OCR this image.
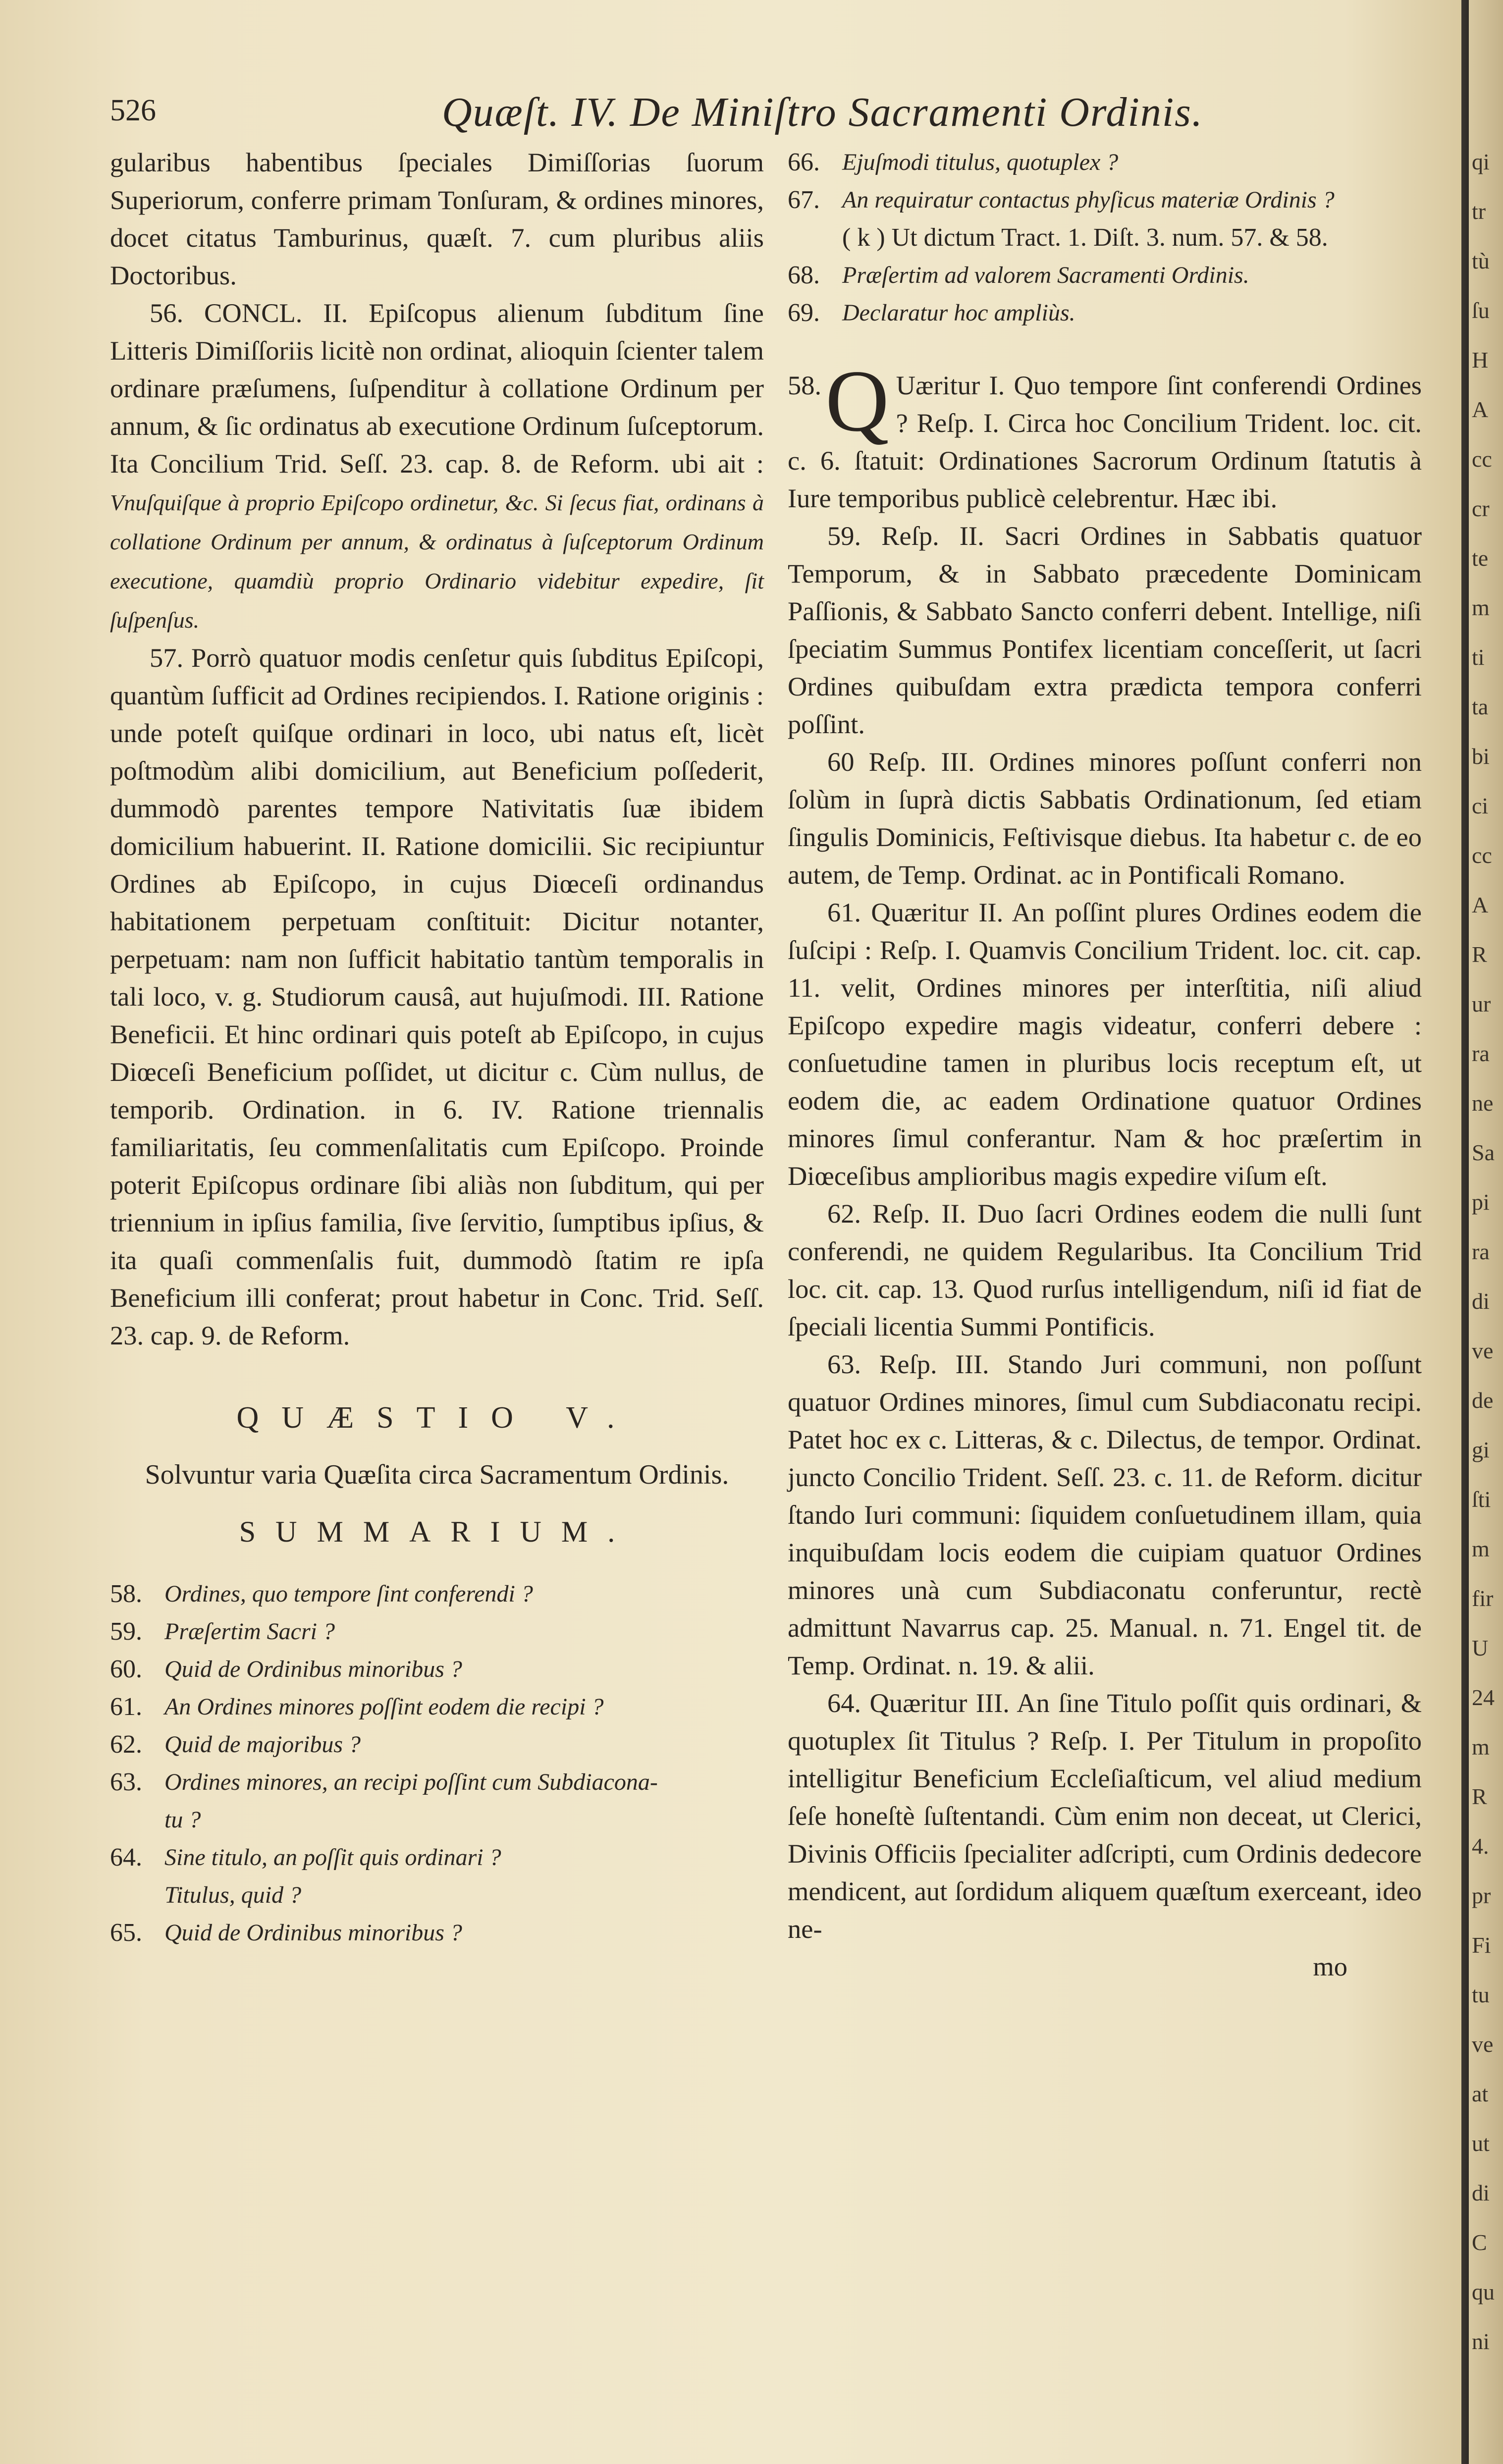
526	Quæſt. IV. De Miniſtro Sacramenti Ordinis.

gularibus habentibus ſpeciales Dimiſſorias ſuorum Superiorum, conferre primam Tonſuram, & ordines minores, docet citatus Tamburinus, quæſt. 7. cum pluribus aliis Doctoribus.

56. CONCL. II. Epiſcopus alienum ſubditum ſine Litteris Dimiſſoriis licitè non ordinat, alioquin ſcienter talem ordinare præſumens, ſuſpenditur à collatione Ordinum per annum, & ſic ordinatus ab executione Ordinum ſuſceptorum. Ita Concilium Trid. Seſſ. 23. cap. 8. de Reform. ubi ait : Vnuſquiſque à proprio Epiſcopo ordinetur, &c. Si ſecus fiat, ordinans à collatione Ordinum per annum, & ordinatus à ſuſceptorum Ordinum executione, quamdiù proprio Ordinario videbitur expedire, ſit ſuſpenſus.

57. Porrò quatuor modis cenſetur quis ſubditus Epiſcopi, quantùm ſufficit ad Ordines recipiendos. I. Ratione originis : unde poteſt quiſque ordinari in loco, ubi natus eſt, licèt poſtmodùm alibi domicilium, aut Beneficium poſſederit, dummodò parentes tempore Nativitatis ſuæ ibidem domicilium habuerint. II. Ratione domicilii. Sic recipiuntur Ordines ab Epiſcopo, in cujus Diœceſi ordinandus habitationem perpetuam conſtituit: Dicitur notanter, perpetuam: nam non ſufficit habitatio tantùm temporalis in tali loco, v. g. Studiorum causâ, aut hujuſmodi. III. Ratione Beneficii. Et hinc ordinari quis poteſt ab Epiſcopo, in cujus Diœceſi Beneficium poſſidet, ut dicitur c. Cùm nullus, de temporib. Ordination. in 6. IV. Ratione triennalis familiaritatis, ſeu commenſalitatis cum Epiſcopo. Proinde poterit Epiſcopus ordinare ſibi aliàs non ſubditum, qui per triennium in ipſius familia, ſive ſervitio, ſumptibus ipſius, & ita quaſi commenſalis fuit, dummodò ſtatim re ipſa Beneficium illi conferat; prout habetur in Conc. Trid. Seſſ. 23. cap. 9. de Reform.

QUÆSTIO V.
Solvuntur varia Quæſita circa Sacramentum Ordinis.
SUMMARIUM.
58. Ordines, quo tempore ſint conferendi ?
59. Præſertim Sacri ?
60. Quid de Ordinibus minoribus ?
61. An Ordines minores poſſint eodem die recipi ?
62. Quid de majoribus ?
63. Ordines minores, an recipi poſſint cum Subdiacona-
tu ?
64. Sine titulo, an poſſit quis ordinari ?
Titulus, quid ?
65. Quid de Ordinibus minoribus ?
66. Ejuſmodi titulus, quotuplex ?
67. An requiratur contactus phyſicus materiæ Ordinis ?
( k ) Ut dictum Tract. 1. Diſt. 3. num. 57. & 58.
68. Præſertim ad valorem Sacramenti Ordinis.
69. Declaratur hoc ampliùs.

58. Q Uæritur I. Quo tempore ſint conferendi Ordines ? Reſp. I. Circa hoc Concilium Trident. loc. cit. c. 6. ſtatuit: Ordinationes Sacrorum Ordinum ſtatutis à Iure temporibus publicè celebrentur. Hæc ibi.

59. Reſp. II. Sacri Ordines in Sabbatis quatuor Temporum, & in Sabbato præcedente Dominicam Paſſionis, & Sabbato Sancto conferri debent. Intellige, niſi ſpeciatim Summus Pontifex licentiam conceſſerit, ut ſacri Ordines quibuſdam extra prædicta tempora conferri poſſint.

60 Reſp. III. Ordines minores poſſunt conferri non ſolùm in ſuprà dictis Sabbatis Ordinationum, ſed etiam ſingulis Dominicis, Feſtivisque diebus. Ita habetur c. de eo autem, de Temp. Ordinat. ac in Pontificali Romano.

61. Quæritur II. An poſſint plures Ordines eodem die ſuſcipi : Reſp. I. Quamvis Concilium Trident. loc. cit. cap. 11. velit, Ordines minores per interſtitia, niſi aliud Epiſcopo expedire magis videatur, conferri debere : conſuetudine tamen in pluribus locis receptum eſt, ut eodem die, ac eadem Ordinatione quatuor Ordines minores ſimul conferantur. Nam & hoc præſertim in Diœceſibus amplioribus magis expedire viſum eſt.

62. Reſp. II. Duo ſacri Ordines eodem die nulli ſunt conferendi, ne quidem Regularibus. Ita Concilium Trid loc. cit. cap. 13. Quod rurſus intelligendum, niſi id fiat de ſpeciali licentia Summi Pontificis.

63. Reſp. III. Stando Juri communi, non poſſunt quatuor Ordines minores, ſimul cum Subdiaconatu recipi. Patet hoc ex c. Litteras, & c. Dilectus, de tempor. Ordinat. juncto Concilio Trident. Seſſ. 23. c. 11. de Reform. dicitur ſtando Iuri communi: ſiquidem conſuetudinem illam, quia inquibuſdam locis eodem die cuipiam quatuor Ordines minores unà cum Subdiaconatu conferuntur, rectè admittunt Navarrus cap. 25. Manual. n. 71. Engel tit. de Temp. Ordinat. n. 19. & alii.

64. Quæritur III. An ſine Titulo poſſit quis ordinari, & quotuplex ſit Titulus ? Reſp. I. Per Titulum in propoſito intelligitur Beneficium Eccleſiaſticum, vel aliud medium ſeſe honeſtè ſuſtentandi. Cùm enim non deceat, ut Clerici, Divinis Officiis ſpecialiter adſcripti, cum Ordinis dedecore mendicent, aut ſordidum aliquem quæſtum exerceant, ideo ne-

mo
qi
tr
tù
ſu
H
A
cc
cr
te
m
ti
ta
bi
ci
cc
A
R
ur
ra
ne
Sa
pi
ra
di
ve
de
gi
ſti
m
fir
U
24
m
R
4.
pr
Fi
tu
ve
at
ut
di
C
qu
ni
